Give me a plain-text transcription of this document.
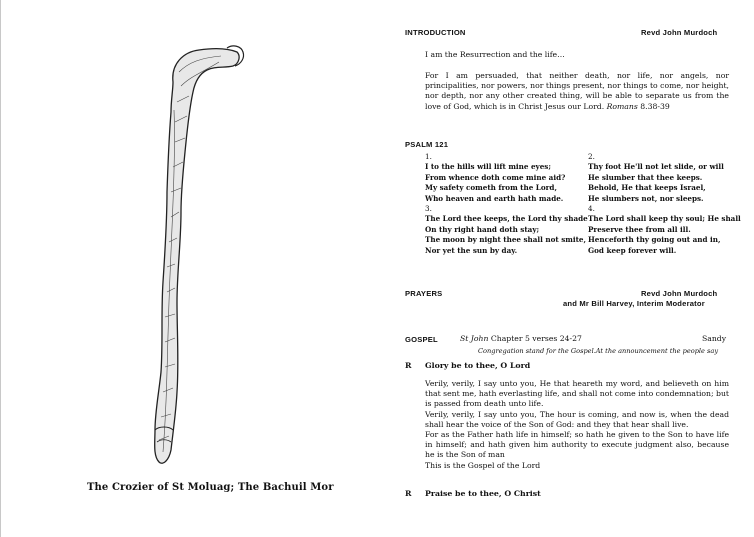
The Crozier of St Moluag; The Bachuil Mor
INTRODUCTION	Revd John Murdoch
I am the Resurrection and the life…
For I am persuaded, that neither death, nor life, nor angels, nor principalities, nor powers, nor things present, nor things to come, nor height, nor depth, nor any other created thing, will be able to separate us from the love of God, which is in Christ Jesus our Lord. Romans 8.38-39
PSALM 121
1.
I to the hills will lift mine eyes;
From whence doth come mine aid?
My safety cometh from the Lord,
Who heaven and earth hath made.
2.
Thy foot He'll not let slide, or will
He slumber that thee keeps.
Behold, He that keeps Israel,
He slumbers not, nor sleeps.
3.
The Lord thee keeps, the Lord thy shade
On thy right hand doth stay;
The moon by night thee shall not smite,
Nor yet the sun by day.
4.
The Lord shall keep thy soul; He shall
Preserve thee from all ill.
Henceforth thy going out and in,
God keep forever will.
PRAYERS	Revd John Murdoch
and Mr Bill Harvey, Interim Moderator
GOSPEL	St John Chapter 5 verses 24-27	Sandy
Congregation stand for the Gospel.At the announcement the people say
R Glory be to thee, O Lord
Verily, verily, I say unto you, He that heareth my word, and believeth on him that sent me, hath everlasting life, and shall not come into condemnation; but is passed from death unto life.
Verily, verily, I say unto you, The hour is coming, and now is, when the dead shall hear the voice of the Son of God: and they that hear shall live.
For as the Father hath life in himself; so hath he given to the Son to have life in himself; and hath given him authority to execute judgment also, because he is the Son of man
This is the Gospel of the Lord
R Praise be to thee, O Christ
